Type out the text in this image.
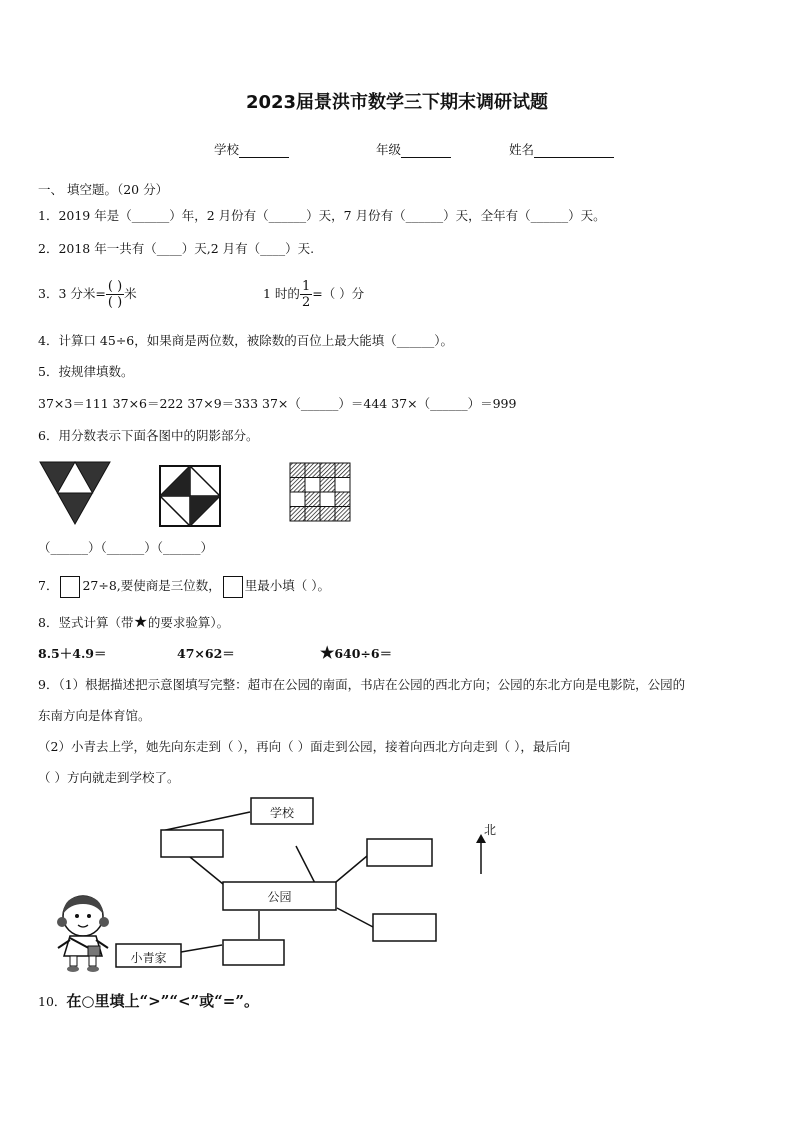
2023届景洪市数学三下期末调研试题
学校	年级	姓名
一、 填空题。（20 分）
1．2019 年是（______）年，2 月份有（______）天，7 月份有（______）天，全年有（______）天。
2．2018 年一共有（____）天,2 月有（____）天.
3．3 分米= $\frac{( )}{( )}$ 米	1 时的 $\frac{1}{2}$ =（ ）分
4．计算口 45÷6，如果商是两位数，被除数的百位上最大能填（______）。
5．按规律填数。
37×3＝111 37×6＝222 37×9＝333 37×（______）＝444 37×（______）＝999
6．用分数表示下面各图中的阴影部分。
（______）（______）（______）
7． 27÷8,要使商是三位数， 里最小填（ ）。
8．竖式计算（带★的要求验算）。
8.5＋4.9＝	47×62＝	★640÷6＝
9．（1）根据描述把示意图填写完整：超市在公园的南面，书店在公园的西北方向；公园的东北方向是电影院，公园的
东南方向是体育馆。
（2）小青去上学，她先向东走到（ ），再向（ ）面走到公园，接着向西北方向走到（ ），最后向
（ ）方向就走到学校了。
学校
公园
小青家
北
10．在○里填上“>”“<”或“=”。
